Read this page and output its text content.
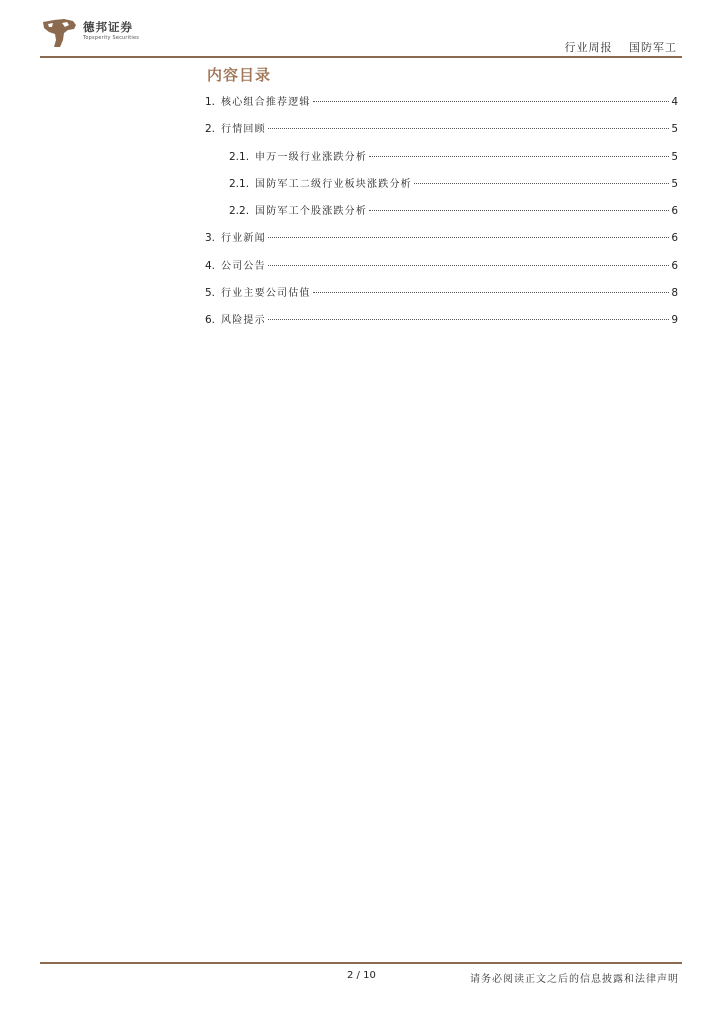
德邦证券
Topsperity Securities
行业周报 国防军工
内容目录
1. 核心组合推荐逻辑	4
2. 行情回顾	5
2.1. 申万一级行业涨跌分析	5
2.1. 国防军工二级行业板块涨跌分析	5
2.2. 国防军工个股涨跌分析	6
3. 行业新闻	6
4. 公司公告	6
5. 行业主要公司估值	8
6. 风险提示	9
2 / 10	请务必阅读正文之后的信息披露和法律声明
